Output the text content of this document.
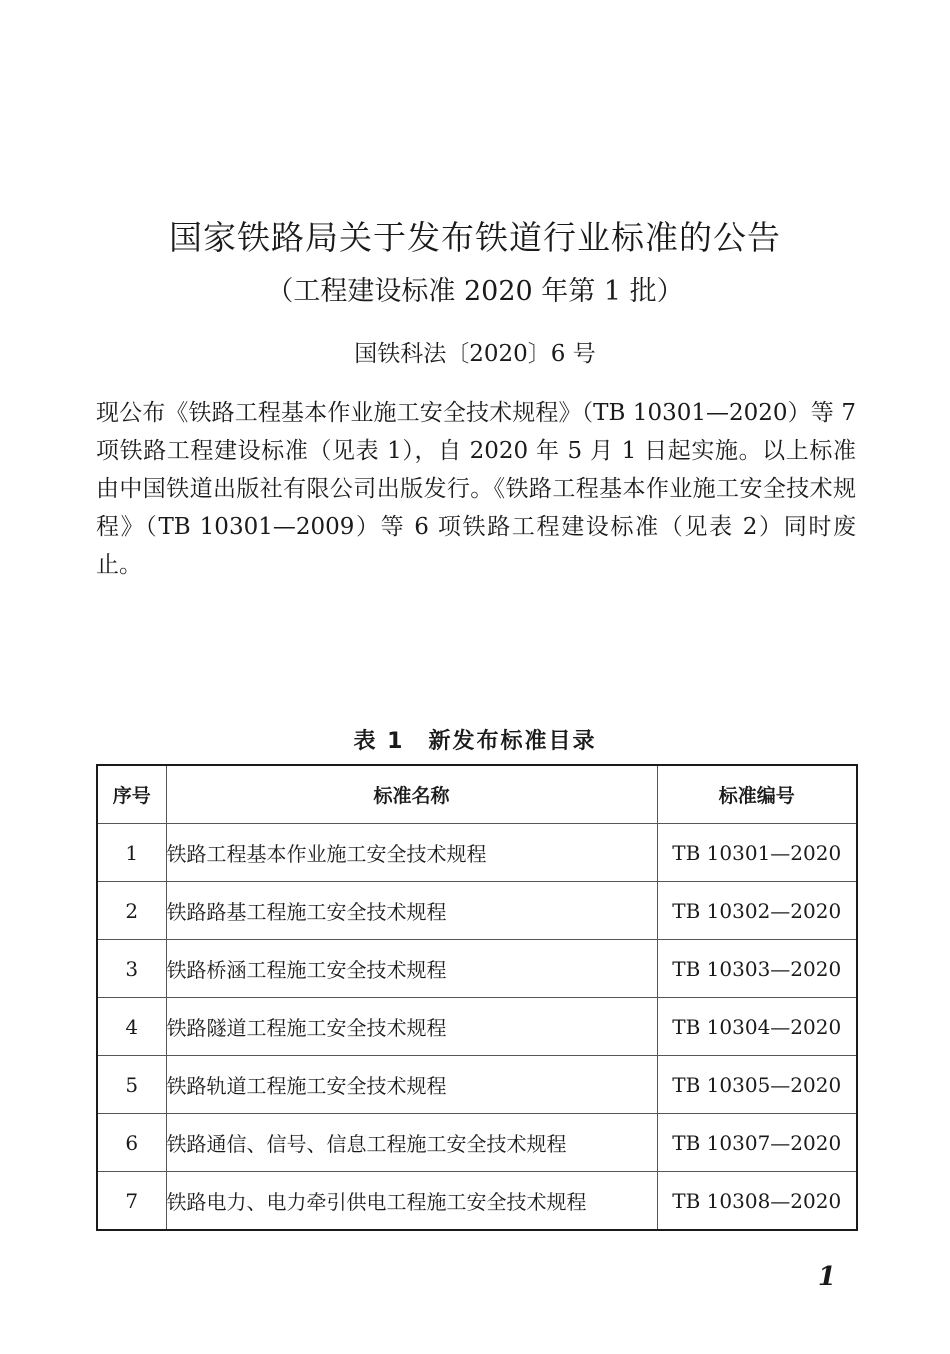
国家铁路局关于发布铁道行业标准的公告
（工程建设标准 2020 年第 1 批）
国铁科法〔2020〕6 号

现公布《铁路工程基本作业施工安全技术规程》（TB 10301—2020）等 7 项铁路工程建设标准（见表 1），自 2020 年 5 月 1 日起实施。以上标准由中国铁道出版社有限公司出版发行。《铁路工程基本作业施工安全技术规程》（TB 10301—2009）等 6 项铁路工程建设标准（见表 2）同时废止。

表 1　新发布标准目录
序号	标准名称	标准编号
1	铁路工程基本作业施工安全技术规程	TB 10301—2020
2	铁路路基工程施工安全技术规程	TB 10302—2020
3	铁路桥涵工程施工安全技术规程	TB 10303—2020
4	铁路隧道工程施工安全技术规程	TB 10304—2020
5	铁路轨道工程施工安全技术规程	TB 10305—2020
6	铁路通信、信号、信息工程施工安全技术规程	TB 10307—2020
7	铁路电力、电力牵引供电工程施工安全技术规程	TB 10308—2020
1
